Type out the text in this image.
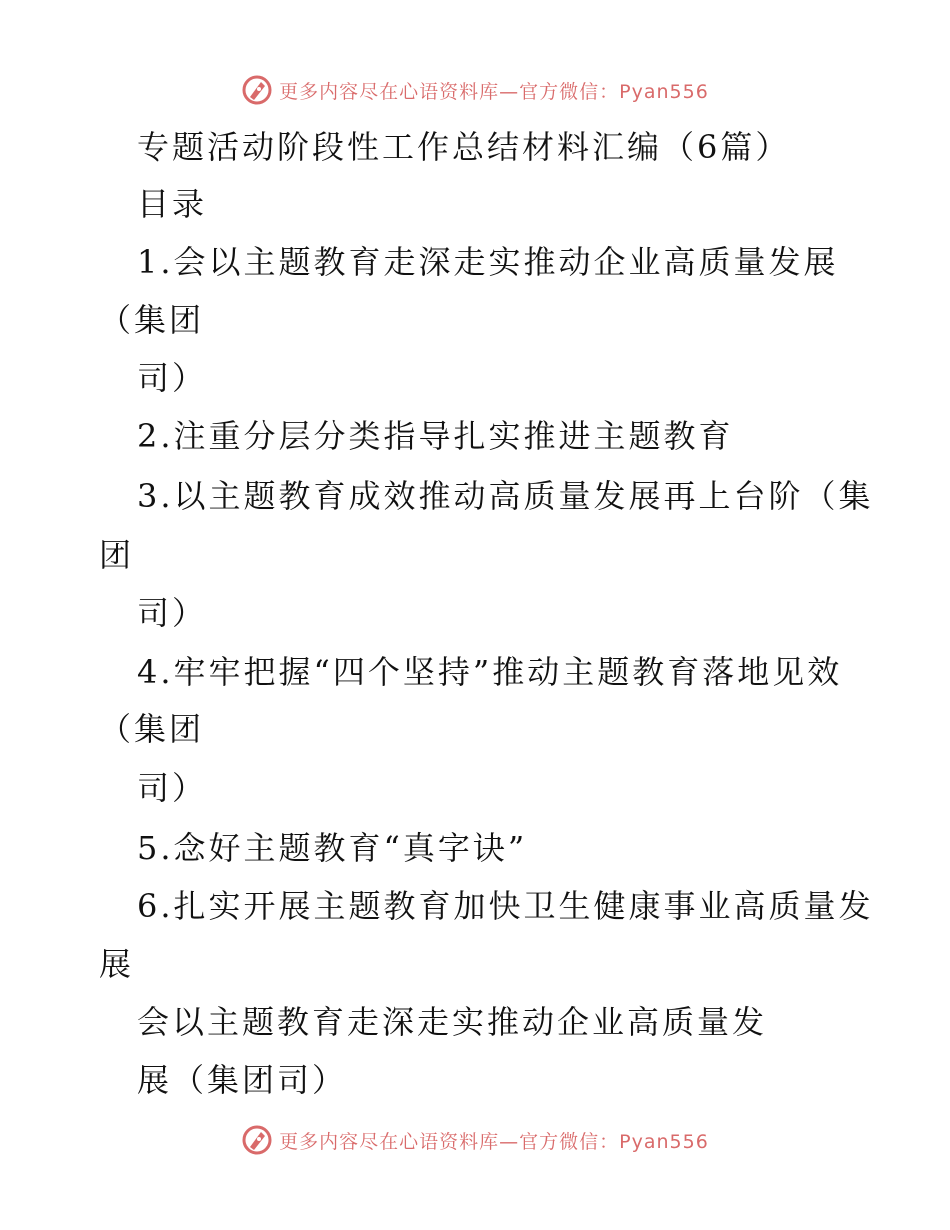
更多内容尽在心语资料库—官方微信：Pyan556
专题活动阶段性工作总结材料汇编（6篇）
目录
1.会以主题教育走深走实推动企业高质量发展
（集团
司）
2.注重分层分类指导扎实推进主题教育
3.以主题教育成效推动高质量发展再上台阶（集
团
司）
4.牢牢把握“四个坚持”推动主题教育落地见效
（集团
司）
5.念好主题教育“真字诀”
6.扎实开展主题教育加快卫生健康事业高质量发
展
会以主题教育走深走实推动企业高质量发
展（集团司）
更多内容尽在心语资料库—官方微信：Pyan556
